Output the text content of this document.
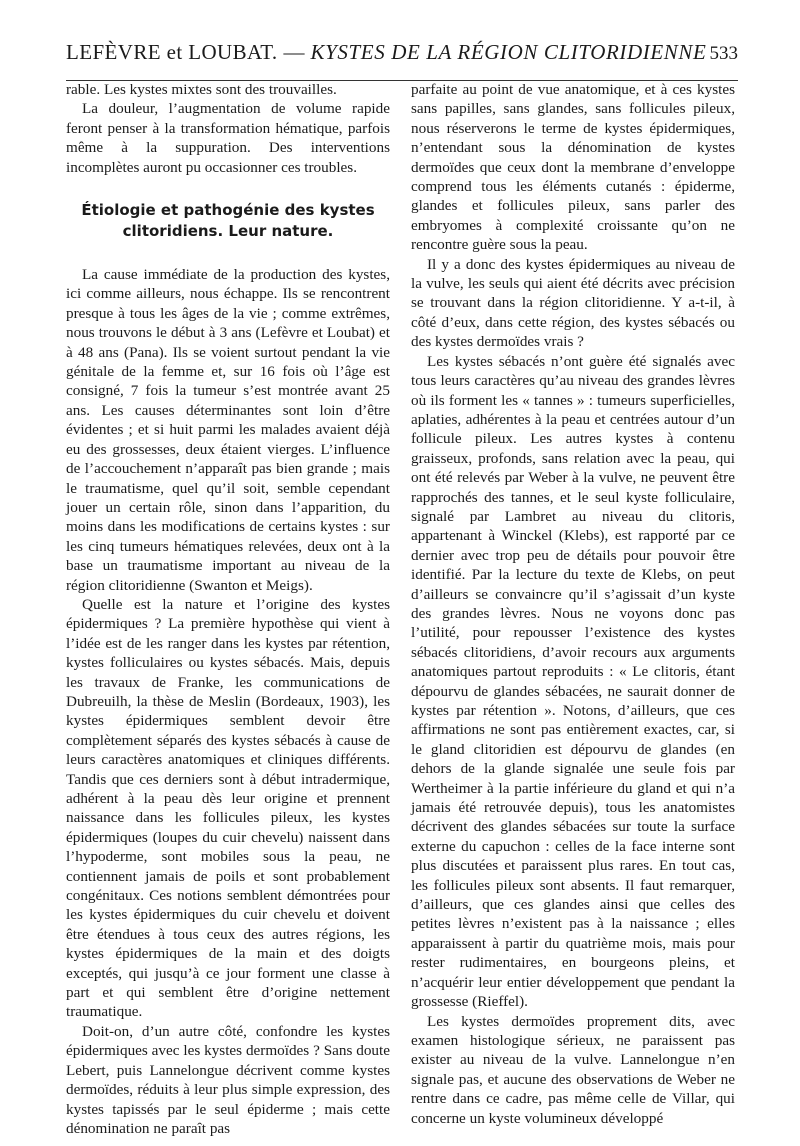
LEFÈVRE et LOUBAT. — KYSTES DE LA RÉGION CLITORIDIENNE 533

rable. Les kystes mixtes sont des trouvailles.

La douleur, l’augmentation de volume rapide feront penser à la transformation hématique, parfois même à la suppuration. Des interventions incomplètes auront pu occasionner ces troubles.

Étiologie et pathogénie des kystes
clitoridiens. Leur nature.

La cause immédiate de la production des kystes, ici comme ailleurs, nous échappe. Ils se rencontrent presque à tous les âges de la vie ; comme extrêmes, nous trouvons le début à 3 ans (Lefèvre et Loubat) et à 48 ans (Pana). Ils se voient surtout pendant la vie génitale de la femme et, sur 16 fois où l’âge est consigné, 7 fois la tumeur s’est montrée avant 25 ans. Les causes déterminantes sont loin d’être évidentes ; et si huit parmi les malades avaient déjà eu des grossesses, deux étaient vierges. L’influence de l’accouchement n’apparaît pas bien grande ; mais le traumatisme, quel qu’il soit, semble cependant jouer un certain rôle, sinon dans l’apparition, du moins dans les modifications de certains kystes : sur les cinq tumeurs hématiques relevées, deux ont à la base un traumatisme important au niveau de la région clitoridienne (Swanton et Meigs).

Quelle est la nature et l’origine des kystes épidermiques ? La première hypothèse qui vient à l’idée est de les ranger dans les kystes par rétention, kystes folliculaires ou kystes sébacés. Mais, depuis les travaux de Franke, les communications de Dubreuilh, la thèse de Meslin (Bordeaux, 1903), les kystes épidermiques semblent devoir être complètement séparés des kystes sébacés à cause de leurs caractères anatomiques et cliniques différents. Tandis que ces derniers sont à début intradermique, adhérent à la peau dès leur origine et prennent naissance dans les follicules pileux, les kystes épidermiques (loupes du cuir chevelu) naissent dans l’hypoderme, sont mobiles sous la peau, ne contiennent jamais de poils et sont probablement congénitaux. Ces notions semblent démontrées pour les kystes épidermiques du cuir chevelu et doivent être étendues à tous ceux des autres régions, les kystes épidermiques de la main et des doigts exceptés, qui jusqu’à ce jour forment une classe à part et qui semblent être d’origine nettement traumatique.

Doit-on, d’un autre côté, confondre les kystes épidermiques avec les kystes dermoïdes ? Sans doute Lebert, puis Lannelongue décrivent comme kystes dermoïdes, réduits à leur plus simple expression, des kystes tapissés par le seul épiderme ; mais cette dénomination ne paraît pas

parfaite au point de vue anatomique, et à ces kystes sans papilles, sans glandes, sans follicules pileux, nous réserverons le terme de kystes épidermiques, n’entendant sous la dénomination de kystes dermoïdes que ceux dont la membrane d’enveloppe comprend tous les éléments cutanés : épiderme, glandes et follicules pileux, sans parler des embryomes à complexité croissante qu’on ne rencontre guère sous la peau.

Il y a donc des kystes épidermiques au niveau de la vulve, les seuls qui aient été décrits avec précision se trouvant dans la région clitoridienne. Y a-t-il, à côté d’eux, dans cette région, des kystes sébacés ou des kystes dermoïdes vrais ?

Les kystes sébacés n’ont guère été signalés avec tous leurs caractères qu’au niveau des grandes lèvres où ils forment les « tannes » : tumeurs superficielles, aplaties, adhérentes à la peau et centrées autour d’un follicule pileux. Les autres kystes à contenu graisseux, profonds, sans relation avec la peau, qui ont été relevés par Weber à la vulve, ne peuvent être rapprochés des tannes, et le seul kyste folliculaire, signalé par Lambret au niveau du clitoris, appartenant à Winckel (Klebs), est rapporté par ce dernier avec trop peu de détails pour pouvoir être identifié. Par la lecture du texte de Klebs, on peut d’ailleurs se convaincre qu’il s’agissait d’un kyste des grandes lèvres. Nous ne voyons donc pas l’utilité, pour repousser l’existence des kystes sébacés clitoridiens, d’avoir recours aux arguments anatomiques partout reproduits : « Le clitoris, étant dépourvu de glandes sébacées, ne saurait donner de kystes par rétention ». Notons, d’ailleurs, que ces affirmations ne sont pas entièrement exactes, car, si le gland clitoridien est dépourvu de glandes (en dehors de la glande signalée une seule fois par Wertheimer à la partie inférieure du gland et qui n’a jamais été retrouvée depuis), tous les anatomistes décrivent des glandes sébacées sur toute la surface externe du capuchon : celles de la face interne sont plus discutées et paraissent plus rares. En tout cas, les follicules pileux sont absents. Il faut remarquer, d’ailleurs, que ces glandes ainsi que celles des petites lèvres n’existent pas à la naissance ; elles apparaissent à partir du quatrième mois, mais pour rester rudimentaires, en bourgeons pleins, et n’acquérir leur entier développement que pendant la grossesse (Rieffel).

Les kystes dermoïdes proprement dits, avec examen histologique sérieux, ne paraissent pas exister au niveau de la vulve. Lannelongue n’en signale pas, et aucune des observations de Weber ne rentre dans ce cadre, pas même celle de Villar, qui concerne un kyste volumineux développé
